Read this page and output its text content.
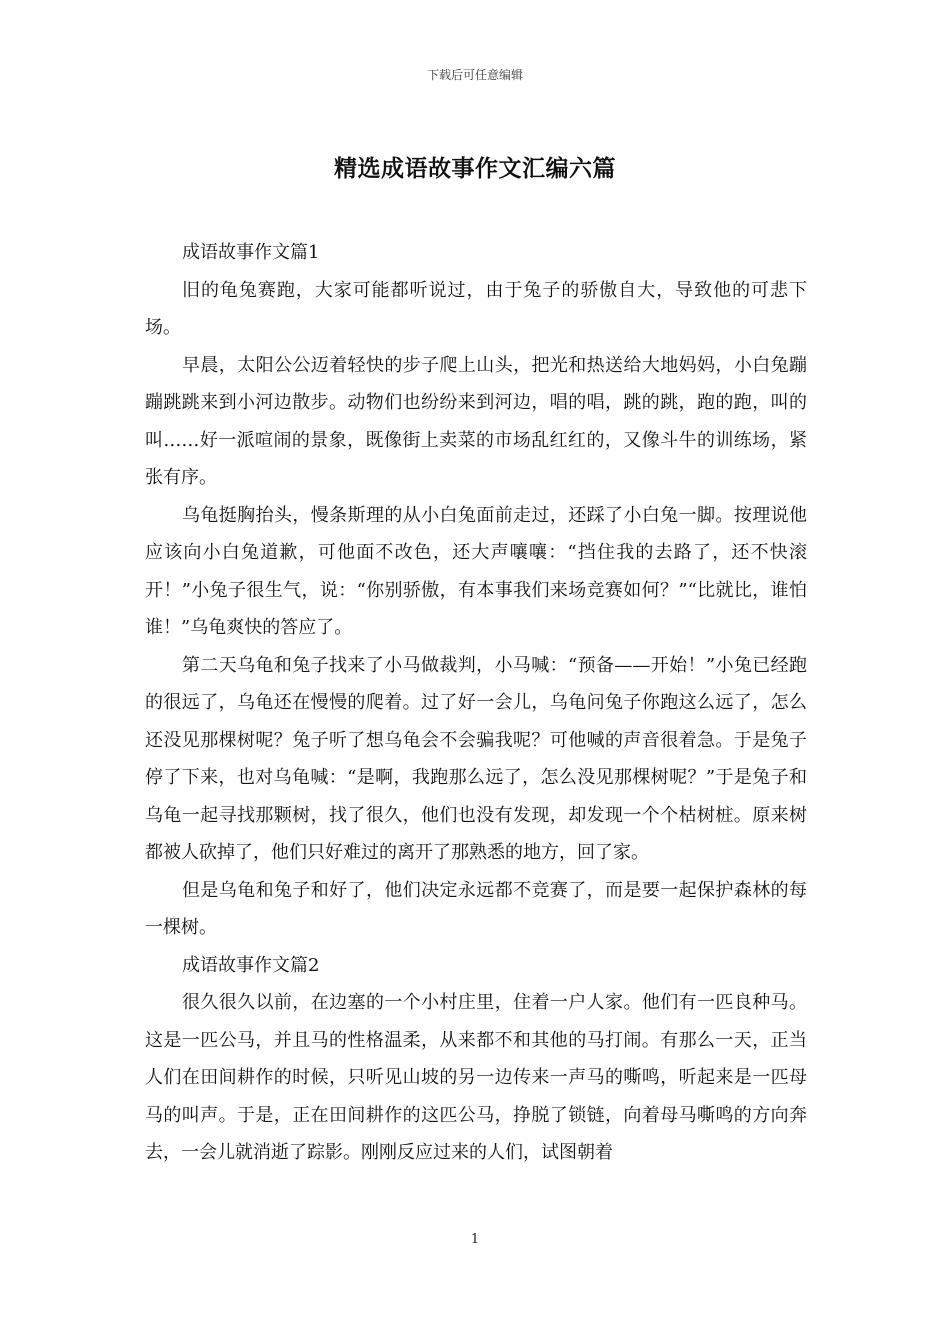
下载后可任意编辑
精选成语故事作文汇编六篇

成语故事作文篇1

旧的龟兔赛跑，大家可能都听说过，由于兔子的骄傲自大，导致他的可悲下场。

早晨，太阳公公迈着轻快的步子爬上山头，把光和热送给大地妈妈，小白兔蹦蹦跳跳来到小河边散步。动物们也纷纷来到河边，唱的唱，跳的跳，跑的跑，叫的叫……好一派喧闹的景象，既像街上卖菜的市场乱红红的，又像斗牛的训练场，紧张有序。

乌龟挺胸抬头，慢条斯理的从小白兔面前走过，还踩了小白兔一脚。按理说他应该向小白兔道歉，可他面不改色，还大声嚷嚷：“挡住我的去路了，还不快滚开！”小兔子很生气，说：“你别骄傲，有本事我们来场竞赛如何？”“比就比，谁怕谁！”乌龟爽快的答应了。

第二天乌龟和兔子找来了小马做裁判，小马喊：“预备——开始！”小兔已经跑的很远了，乌龟还在慢慢的爬着。过了好一会儿，乌龟问兔子你跑这么远了，怎么还没见那棵树呢？兔子听了想乌龟会不会骗我呢？可他喊的声音很着急。于是兔子停了下来，也对乌龟喊：“是啊，我跑那么远了，怎么没见那棵树呢？”于是兔子和乌龟一起寻找那颗树，找了很久，他们也没有发现，却发现一个个枯树桩。原来树都被人砍掉了，他们只好难过的离开了那熟悉的地方，回了家。

但是乌龟和兔子和好了，他们决定永远都不竞赛了，而是要一起保护森林的每一棵树。

成语故事作文篇2

很久很久以前，在边塞的一个小村庄里，住着一户人家。他们有一匹良种马。这是一匹公马，并且马的性格温柔，从来都不和其他的马打闹。有那么一天，正当人们在田间耕作的时候，只听见山坡的另一边传来一声马的嘶鸣，听起来是一匹母马的叫声。于是，正在田间耕作的这匹公马，挣脱了锁链，向着母马嘶鸣的方向奔去，一会儿就消逝了踪影。刚刚反应过来的人们，试图朝着

1
